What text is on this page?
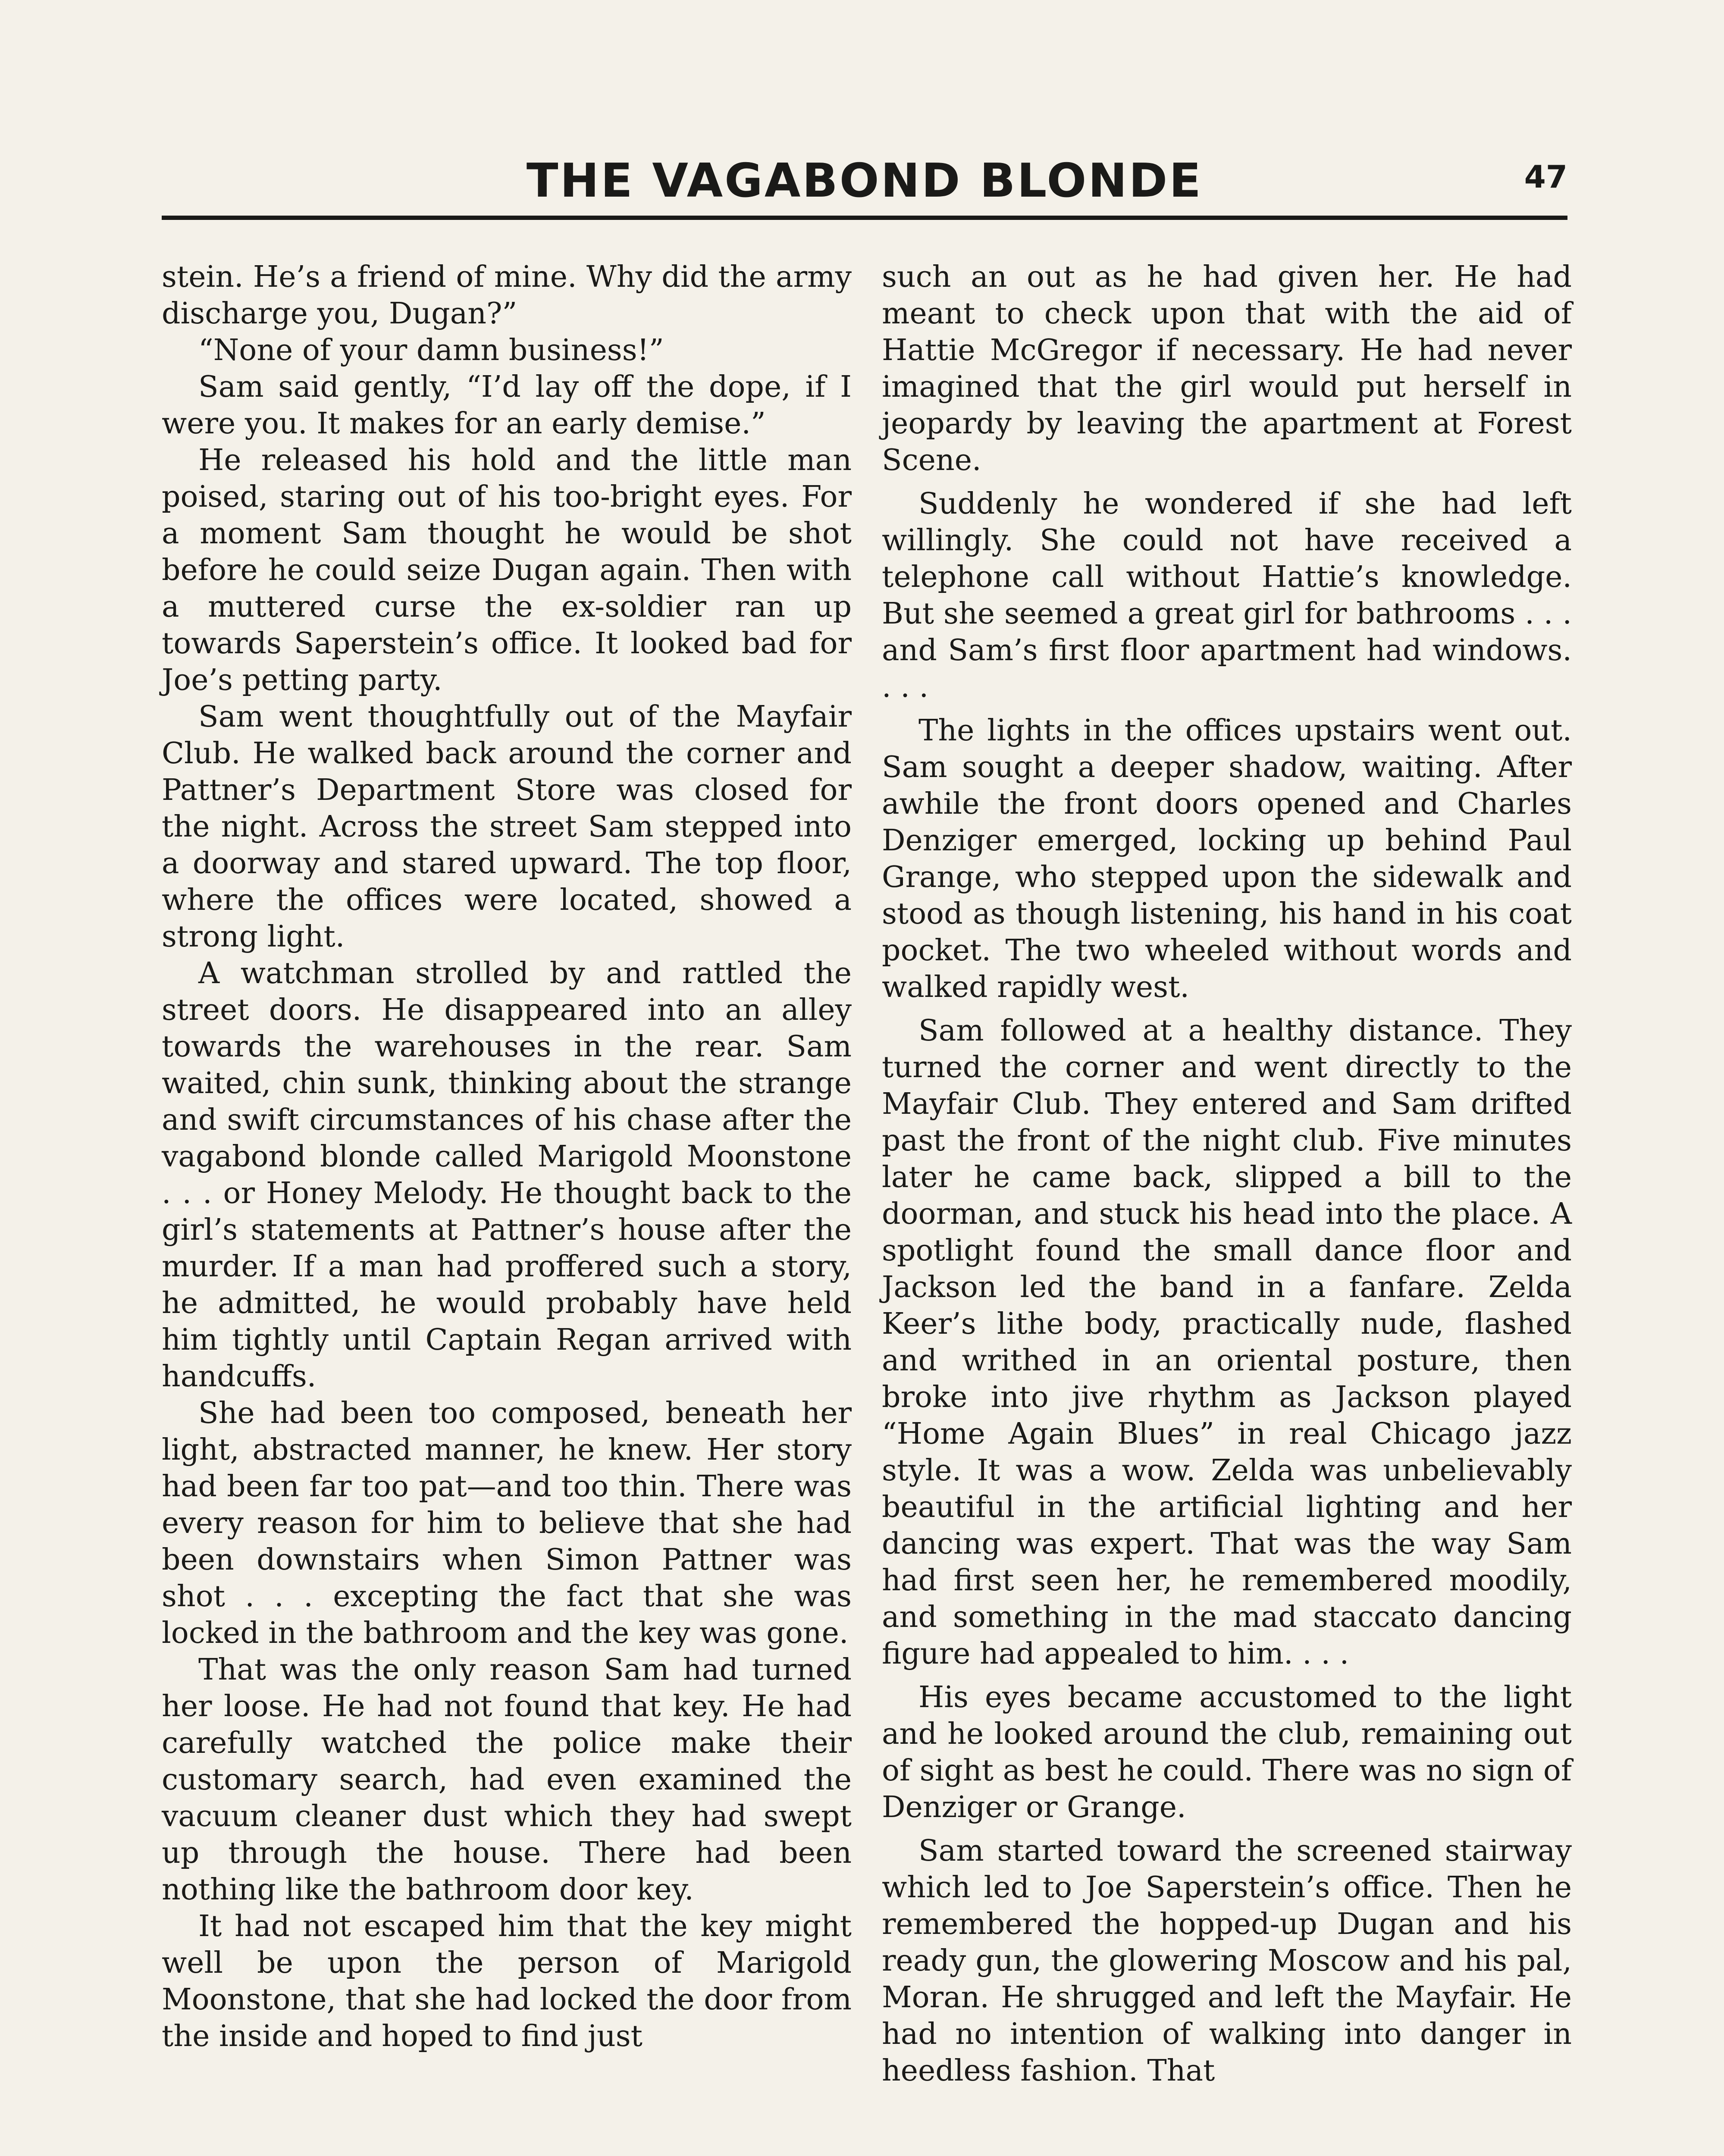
THE VAGABOND BLONDE	47

stein. He’s a friend of mine. Why did the army discharge you, Dugan?”

“None of your damn business!”

Sam said gently, “I’d lay off the dope, if I were you. It makes for an early demise.”

He released his hold and the little man poised, staring out of his too-bright eyes. For a moment Sam thought he would be shot before he could seize Dugan again. Then with a muttered curse the ex-soldier ran up towards Saperstein’s office. It looked bad for Joe’s petting party.

Sam went thoughtfully out of the Mayfair Club. He walked back around the corner and Pattner’s Department Store was closed for the night. Across the street Sam stepped into a doorway and stared upward. The top floor, where the offices were located, showed a strong light.

A watchman strolled by and rattled the street doors. He disappeared into an alley towards the warehouses in the rear. Sam waited, chin sunk, thinking about the strange and swift circumstances of his chase after the vagabond blonde called Marigold Moonstone . . . or Honey Melody. He thought back to the girl’s statements at Pattner’s house after the murder. If a man had proffered such a story, he admitted, he would probably have held him tightly until Captain Regan arrived with handcuffs.

She had been too composed, beneath her light, abstracted manner, he knew. Her story had been far too pat—and too thin. There was every reason for him to believe that she had been downstairs when Simon Pattner was shot . . . excepting the fact that she was locked in the bathroom and the key was gone.

That was the only reason Sam had turned her loose. He had not found that key. He had carefully watched the police make their customary search, had even examined the vacuum cleaner dust which they had swept up through the house. There had been nothing like the bathroom door key.

It had not escaped him that the key might well be upon the person of Marigold Moonstone, that she had locked the door from the inside and hoped to find just

such an out as he had given her. He had meant to check upon that with the aid of Hattie McGregor if necessary. He had never imagined that the girl would put herself in jeopardy by leaving the apartment at Forest Scene.

Suddenly he wondered if she had left willingly. She could not have received a telephone call without Hattie’s knowledge. But she seemed a great girl for bathrooms . . . and Sam’s first floor apartment had windows. . . .

The lights in the offices upstairs went out. Sam sought a deeper shadow, waiting. After awhile the front doors opened and Charles Denziger emerged, locking up behind Paul Grange, who stepped upon the sidewalk and stood as though listening, his hand in his coat pocket. The two wheeled without words and walked rapidly west.

Sam followed at a healthy distance. They turned the corner and went directly to the Mayfair Club. They entered and Sam drifted past the front of the night club. Five minutes later he came back, slipped a bill to the doorman, and stuck his head into the place. A spotlight found the small dance floor and Jackson led the band in a fanfare. Zelda Keer’s lithe body, practically nude, flashed and writhed in an oriental posture, then broke into jive rhythm as Jackson played “Home Again Blues” in real Chicago jazz style. It was a wow. Zelda was unbelievably beautiful in the artificial lighting and her dancing was expert. That was the way Sam had first seen her, he remembered moodily, and something in the mad staccato dancing figure had appealed to him. . . .

His eyes became accustomed to the light and he looked around the club, remaining out of sight as best he could. There was no sign of Denziger or Grange.

Sam started toward the screened stairway which led to Joe Saperstein’s office. Then he remembered the hopped-up Dugan and his ready gun, the glowering Moscow and his pal, Moran. He shrugged and left the Mayfair. He had no intention of walking into danger in heedless fashion. That
